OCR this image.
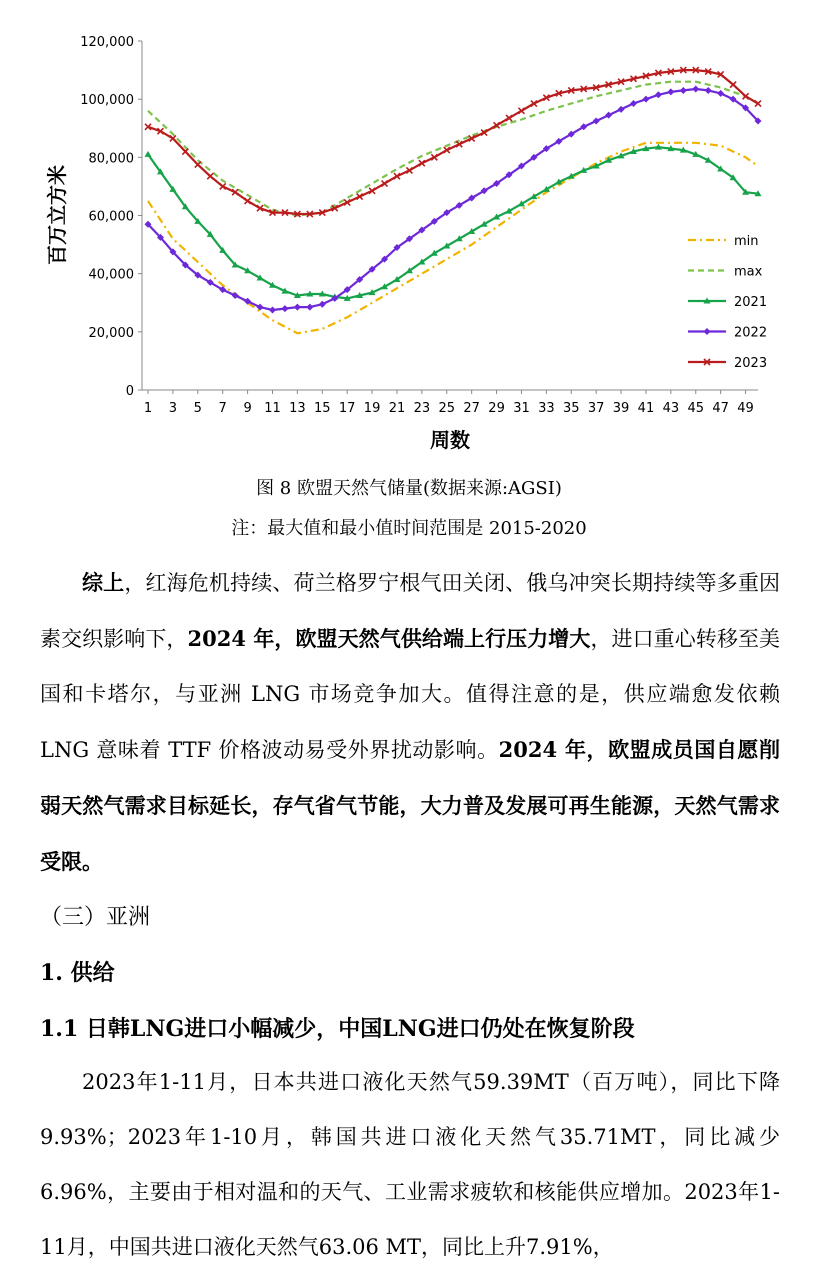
0
20,000
40,000
60,000
80,000
100,000
120,000
1 3 5 7 9 11 13 15 17 19 21 23 25 27 29 31 33 35 37 39 41 43 45 47 49
min
max
2021
2022
2023
百万立方米
周数
图 8 欧盟天然气储量(数据来源:AGSI)
注：最大值和最小值时间范围是 2015-2020

综上，红海危机持续、荷兰格罗宁根气田关闭、俄乌冲突长期持续等多重因素交织影响下，2024 年，欧盟天然气供给端上行压力增大，进口重心转移至美国和卡塔尔，与亚洲 LNG 市场竞争加大。值得注意的是，供应端愈发依赖 LNG 意味着 TTF 价格波动易受外界扰动影响。2024 年，欧盟成员国自愿削弱天然气需求目标延长，存气省气节能，大力普及发展可再生能源，天然气需求受限。

（三）亚洲
1. 供给
1.1 日韩LNG进口小幅减少，中国LNG进口仍处在恢复阶段

2023年1-11月，日本共进口液化天然气59.39MT（百万吨），同比下降9.93%；2023年1-10月，韩国共进口液化天然气35.71MT，同比减少6.96%，主要由于相对温和的天气、工业需求疲软和核能供应增加。2023年1-11月，中国共进口液化天然气63.06 MT，同比上升7.91%，
